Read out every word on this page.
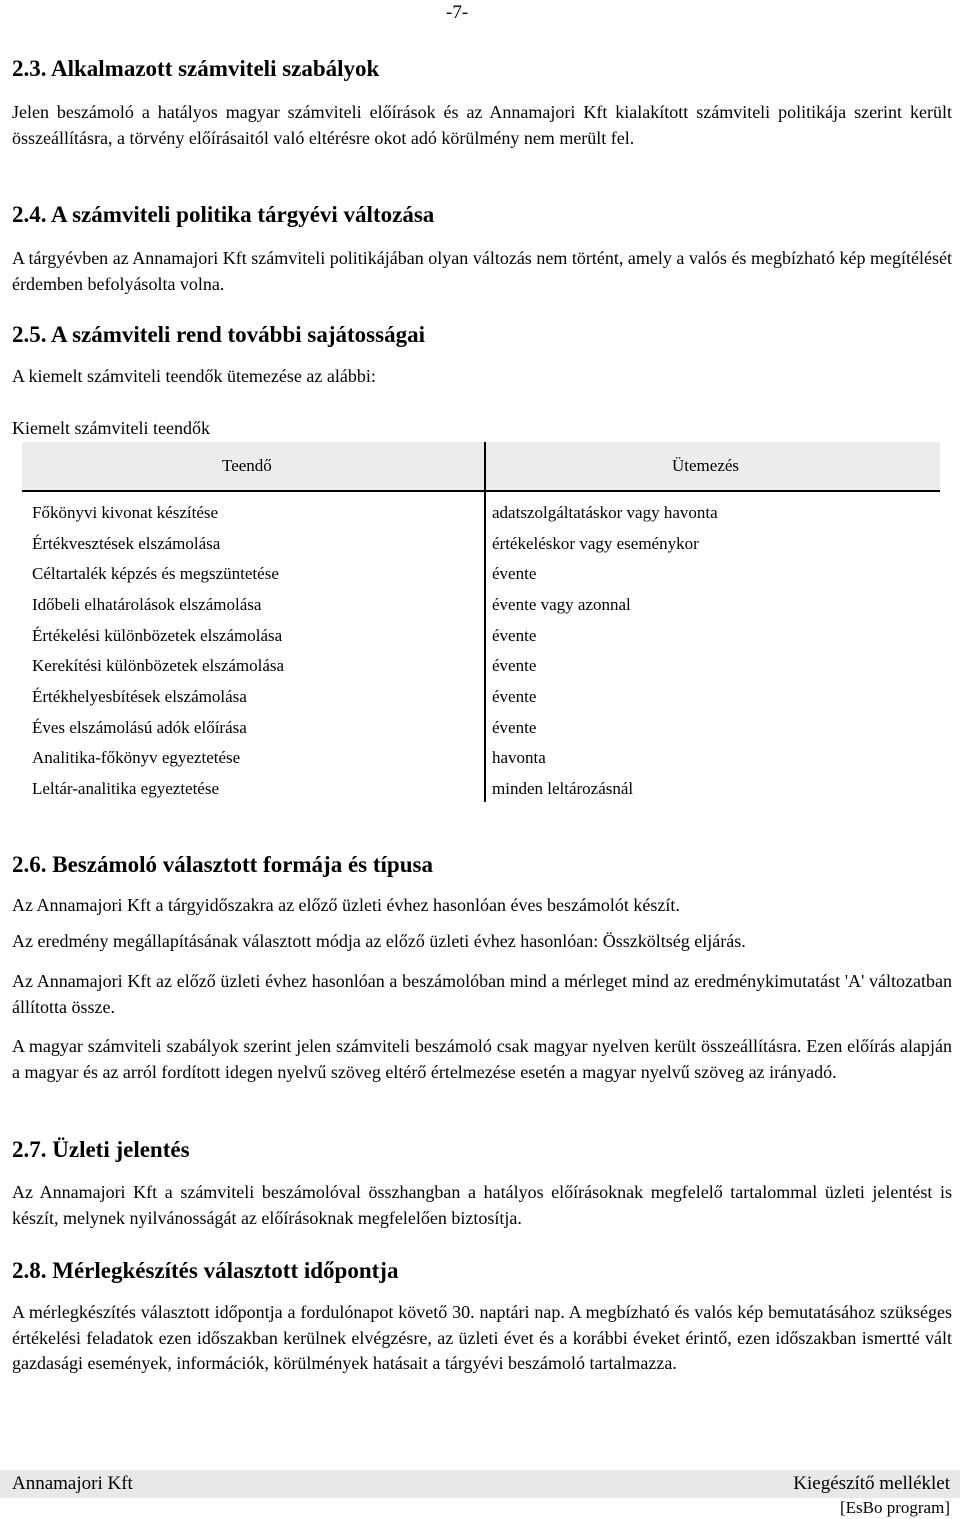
-7-
2.3. Alkalmazott számviteli szabályok

Jelen beszámoló a hatályos magyar számviteli előírások és az Annamajori Kft kialakított számviteli politikája szerint került összeállításra, a törvény előírásaitól való eltérésre okot adó körülmény nem merült fel.

2.4. A számviteli politika tárgyévi változása

A tárgyévben az Annamajori Kft számviteli politikájában olyan változás nem történt, amely a valós és megbízható kép megítélését érdemben befolyásolta volna.

2.5. A számviteli rend további sajátosságai

A kiemelt számviteli teendők ütemezése az alábbi:

Kiemelt számviteli teendők
Teendő	Ütemezés
Főkönyvi kivonat készítése	adatszolgáltatáskor vagy havonta
Értékvesztések elszámolása	értékeléskor vagy eseménykor
Céltartalék képzés és megszüntetése	évente
Időbeli elhatárolások elszámolása	évente vagy azonnal
Értékelési különbözetek elszámolása	évente
Kerekítési különbözetek elszámolása	évente
Értékhelyesbítések elszámolása	évente
Éves elszámolású adók előírása	évente
Analitika-főkönyv egyeztetése	havonta
Leltár-analitika egyeztetése	minden leltározásnál
2.6. Beszámoló választott formája és típusa

Az Annamajori Kft a tárgyidőszakra az előző üzleti évhez hasonlóan éves beszámolót készít.

Az eredmény megállapításának választott módja az előző üzleti évhez hasonlóan: Összköltség eljárás.

Az Annamajori Kft az előző üzleti évhez hasonlóan a beszámolóban mind a mérleget mind az eredménykimutatást 'A' változatban állította össze.

A magyar számviteli szabályok szerint jelen számviteli beszámoló csak magyar nyelven került összeállításra. Ezen előírás alapján a magyar és az arról fordított idegen nyelvű szöveg eltérő értelmezése esetén a magyar nyelvű szöveg az irányadó.

2.7. Üzleti jelentés

Az Annamajori Kft a számviteli beszámolóval összhangban a hatályos előírásoknak megfelelő tartalommal üzleti jelentést is készít, melynek nyilvánosságát az előírásoknak megfelelően biztosítja.

2.8. Mérlegkészítés választott időpontja

A mérlegkészítés választott időpontja a fordulónapot követő 30. naptári nap. A megbízható és valós kép bemutatásához szükséges értékelési feladatok ezen időszakban kerülnek elvégzésre, az üzleti évet és a korábbi éveket érintő, ezen időszakban ismertté vált gazdasági események, információk, körülmények hatásait a tárgyévi beszámoló tartalmazza.

Annamajori Kft	Kiegészítő melléklet
[EsBo program]
